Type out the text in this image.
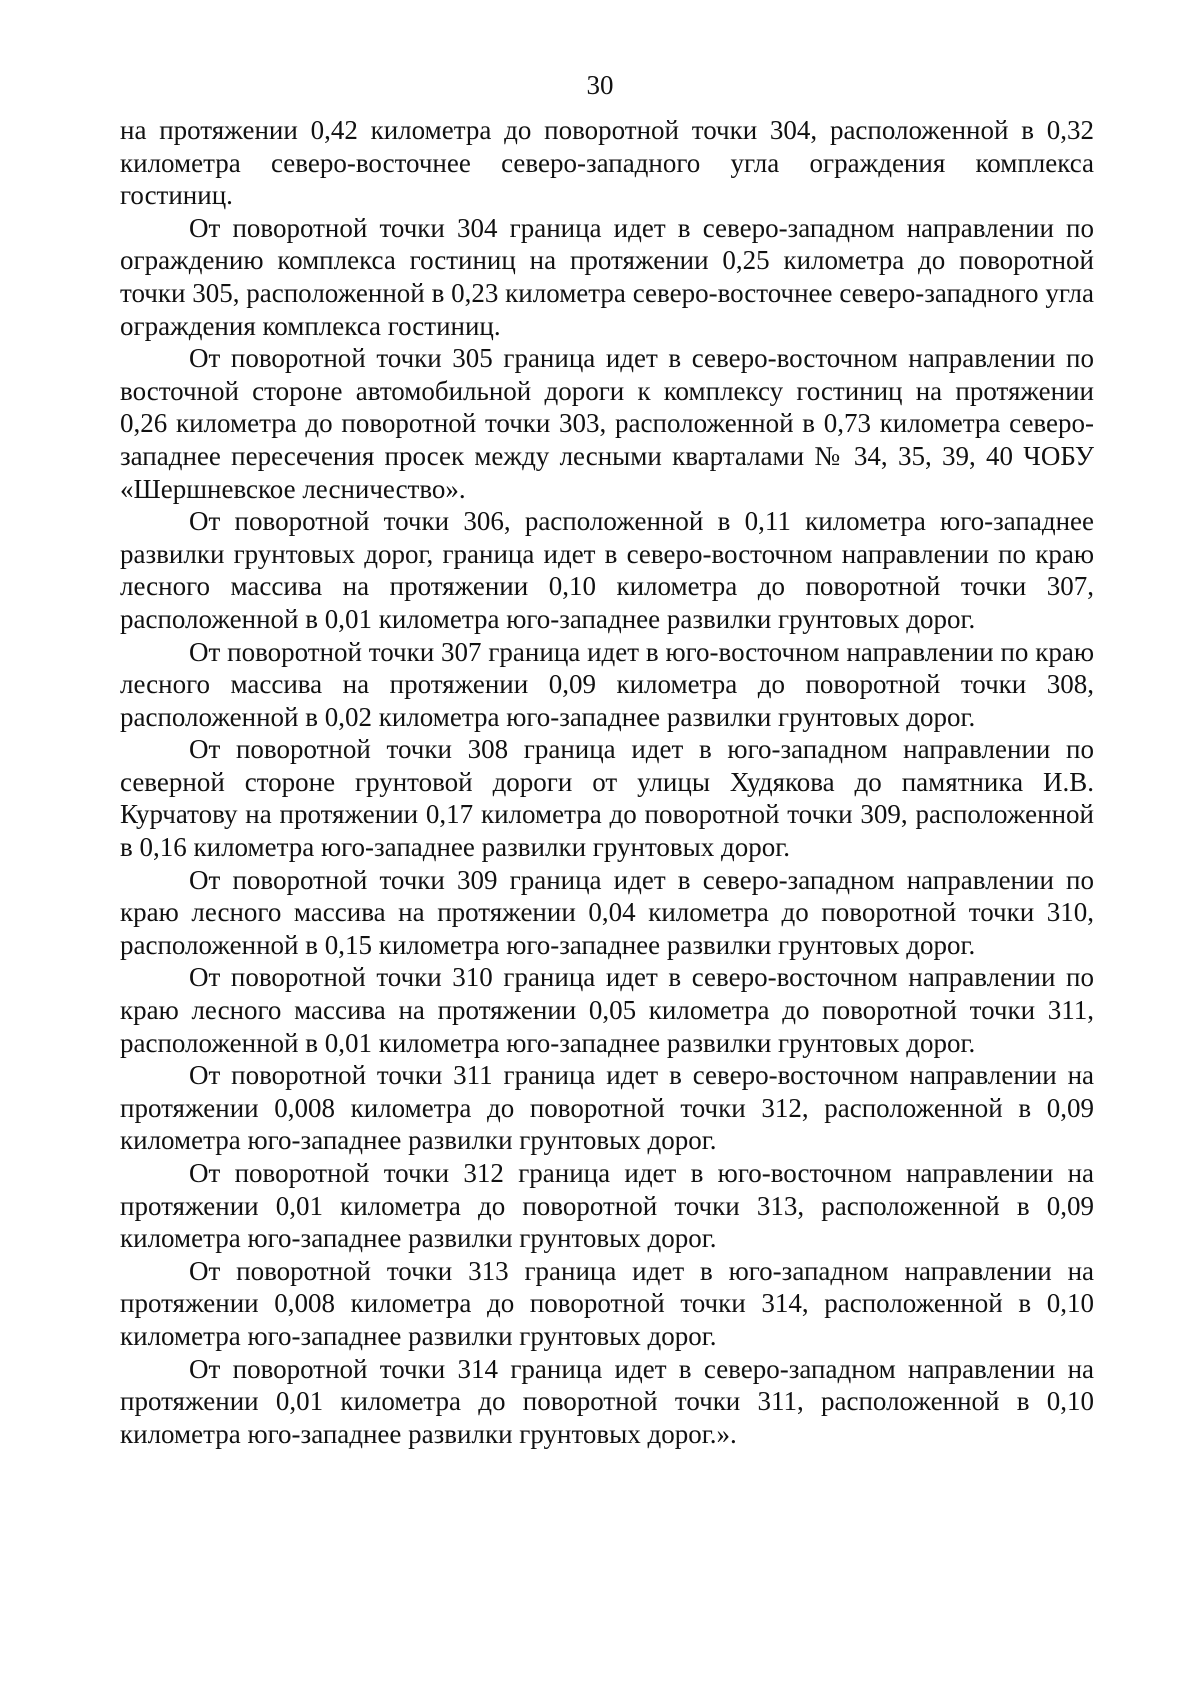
30

на протяжении 0,42 километра до поворотной точки 304, расположенной в 0,32 километра северо-восточнее северо-западного угла ограждения комплекса гостиниц.

От поворотной точки 304 граница идет в северо-западном направлении по ограждению комплекса гостиниц на протяжении 0,25 километра до поворотной точки 305, расположенной в 0,23 километра северо-восточнее северо-западного угла ограждения комплекса гостиниц.

От поворотной точки 305 граница идет в северо-восточном направлении по восточной стороне автомобильной дороги к комплексу гостиниц на протяжении 0,26 километра до поворотной точки 303, расположенной в 0,73 километра северо-западнее пересечения просек между лесными кварталами № 34, 35, 39, 40 ЧОБУ «Шершневское лесничество».

От поворотной точки 306, расположенной в 0,11 километра юго-западнее развилки грунтовых дорог, граница идет в северо-восточном направлении по краю лесного массива на протяжении 0,10 километра до поворотной точки 307, расположенной в 0,01 километра юго-западнее развилки грунтовых дорог.

От поворотной точки 307 граница идет в юго-восточном направлении по краю лесного массива на протяжении 0,09 километра до поворотной точки 308, расположенной в 0,02 километра юго-западнее развилки грунтовых дорог.

От поворотной точки 308 граница идет в юго-западном направлении по северной стороне грунтовой дороги от улицы Худякова до памятника И.В. Курчатову на протяжении 0,17 километра до поворотной точки 309, расположенной в 0,16 километра юго-западнее развилки грунтовых дорог.

От поворотной точки 309 граница идет в северо-западном направлении по краю лесного массива на протяжении 0,04 километра до поворотной точки 310, расположенной в 0,15 километра юго-западнее развилки грунтовых дорог.

От поворотной точки 310 граница идет в северо-восточном направлении по краю лесного массива на протяжении 0,05 километра до поворотной точки 311, расположенной в 0,01 километра юго-западнее развилки грунтовых дорог.

От поворотной точки 311 граница идет в северо-восточном направлении на протяжении 0,008 километра до поворотной точки 312, расположенной в 0,09 километра юго-западнее развилки грунтовых дорог.

От поворотной точки 312 граница идет в юго-восточном направлении на протяжении 0,01 километра до поворотной точки 313, расположенной в 0,09 километра юго-западнее развилки грунтовых дорог.

От поворотной точки 313 граница идет в юго-западном направлении на протяжении 0,008 километра до поворотной точки 314, расположенной в 0,10 километра юго-западнее развилки грунтовых дорог.

От поворотной точки 314 граница идет в северо-западном направлении на протяжении 0,01 километра до поворотной точки 311, расположенной в 0,10 километра юго-западнее развилки грунтовых дорог.».
